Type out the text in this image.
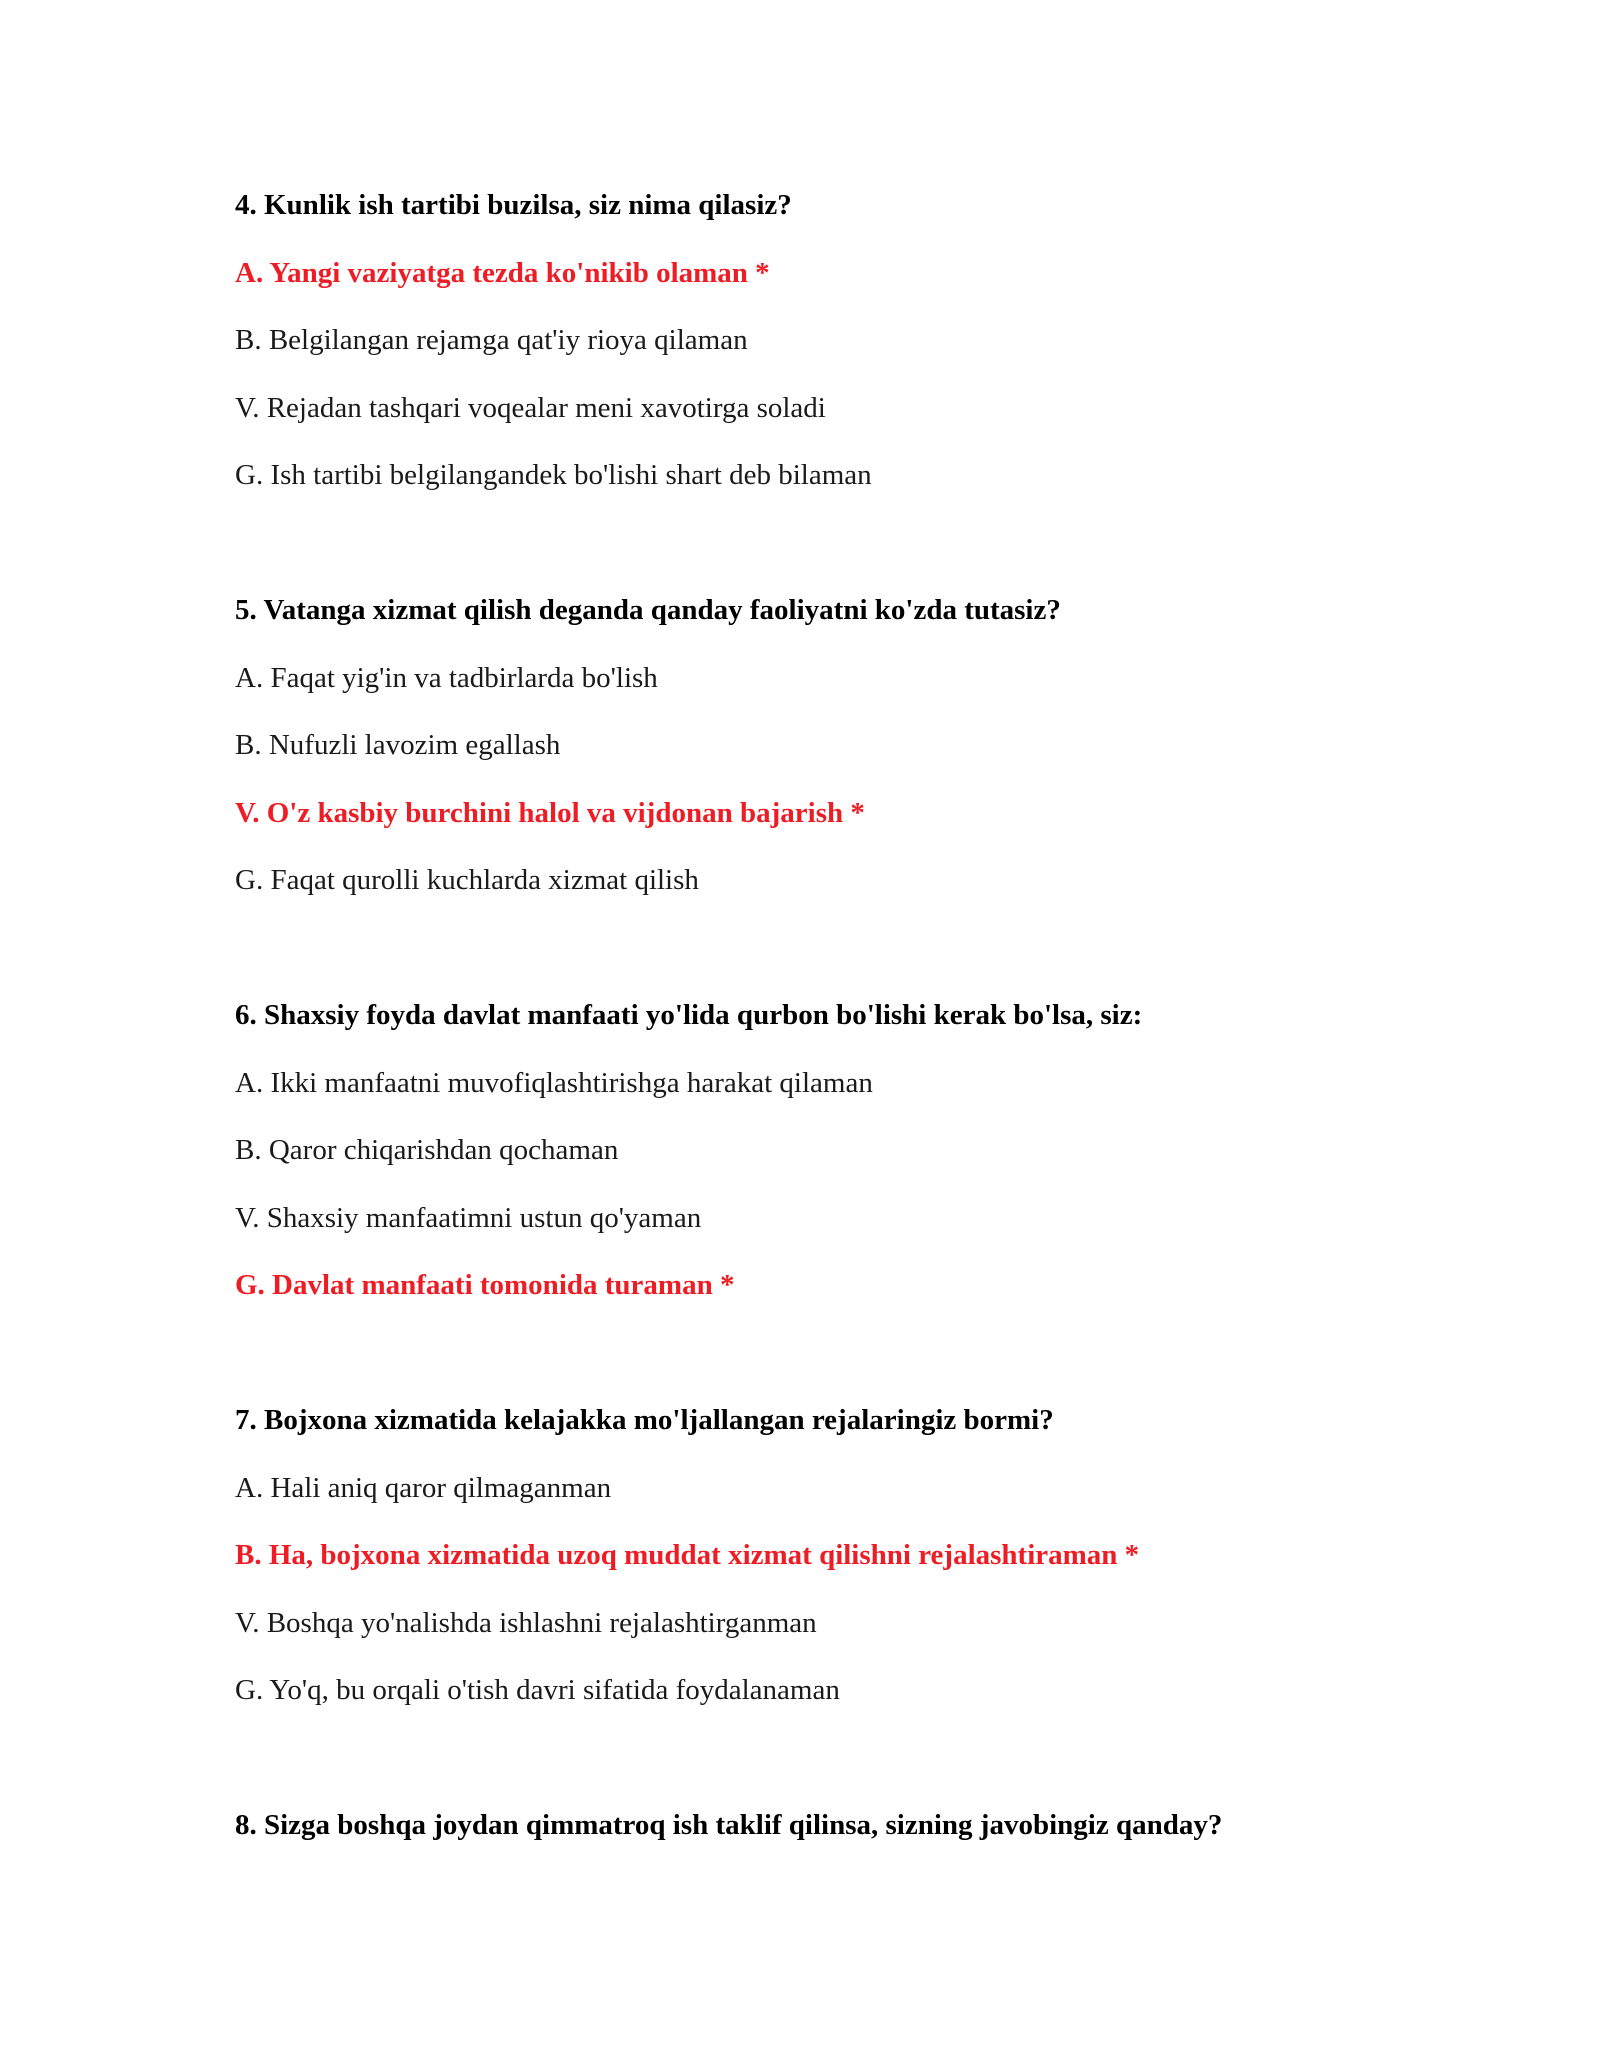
4. Kunlik ish tartibi buzilsa, siz nima qilasiz?
A. Yangi vaziyatga tezda ko'nikib olaman *
B. Belgilangan rejamga qat'iy rioya qilaman
V. Rejadan tashqari voqealar meni xavotirga soladi
G. Ish tartibi belgilangandek bo'lishi shart deb bilaman
5. Vatanga xizmat qilish deganda qanday faoliyatni ko'zda tutasiz?
A. Faqat yig'in va tadbirlarda bo'lish
B. Nufuzli lavozim egallash
V. O'z kasbiy burchini halol va vijdonan bajarish *
G. Faqat qurolli kuchlarda xizmat qilish
6. Shaxsiy foyda davlat manfaati yo'lida qurbon bo'lishi kerak bo'lsa, siz:
A. Ikki manfaatni muvofiqlashtirishga harakat qilaman
B. Qaror chiqarishdan qochaman
V. Shaxsiy manfaatimni ustun qo'yaman
G. Davlat manfaati tomonida turaman *
7. Bojxona xizmatida kelajakka mo'ljallangan rejalaringiz bormi?
A. Hali aniq qaror qilmaganman
B. Ha, bojxona xizmatida uzoq muddat xizmat qilishni rejalashtiraman *
V. Boshqa yo'nalishda ishlashni rejalashtirganman
G. Yo'q, bu orqali o'tish davri sifatida foydalanaman
8. Sizga boshqa joydan qimmatroq ish taklif qilinsa, sizning javobingiz qanday?
